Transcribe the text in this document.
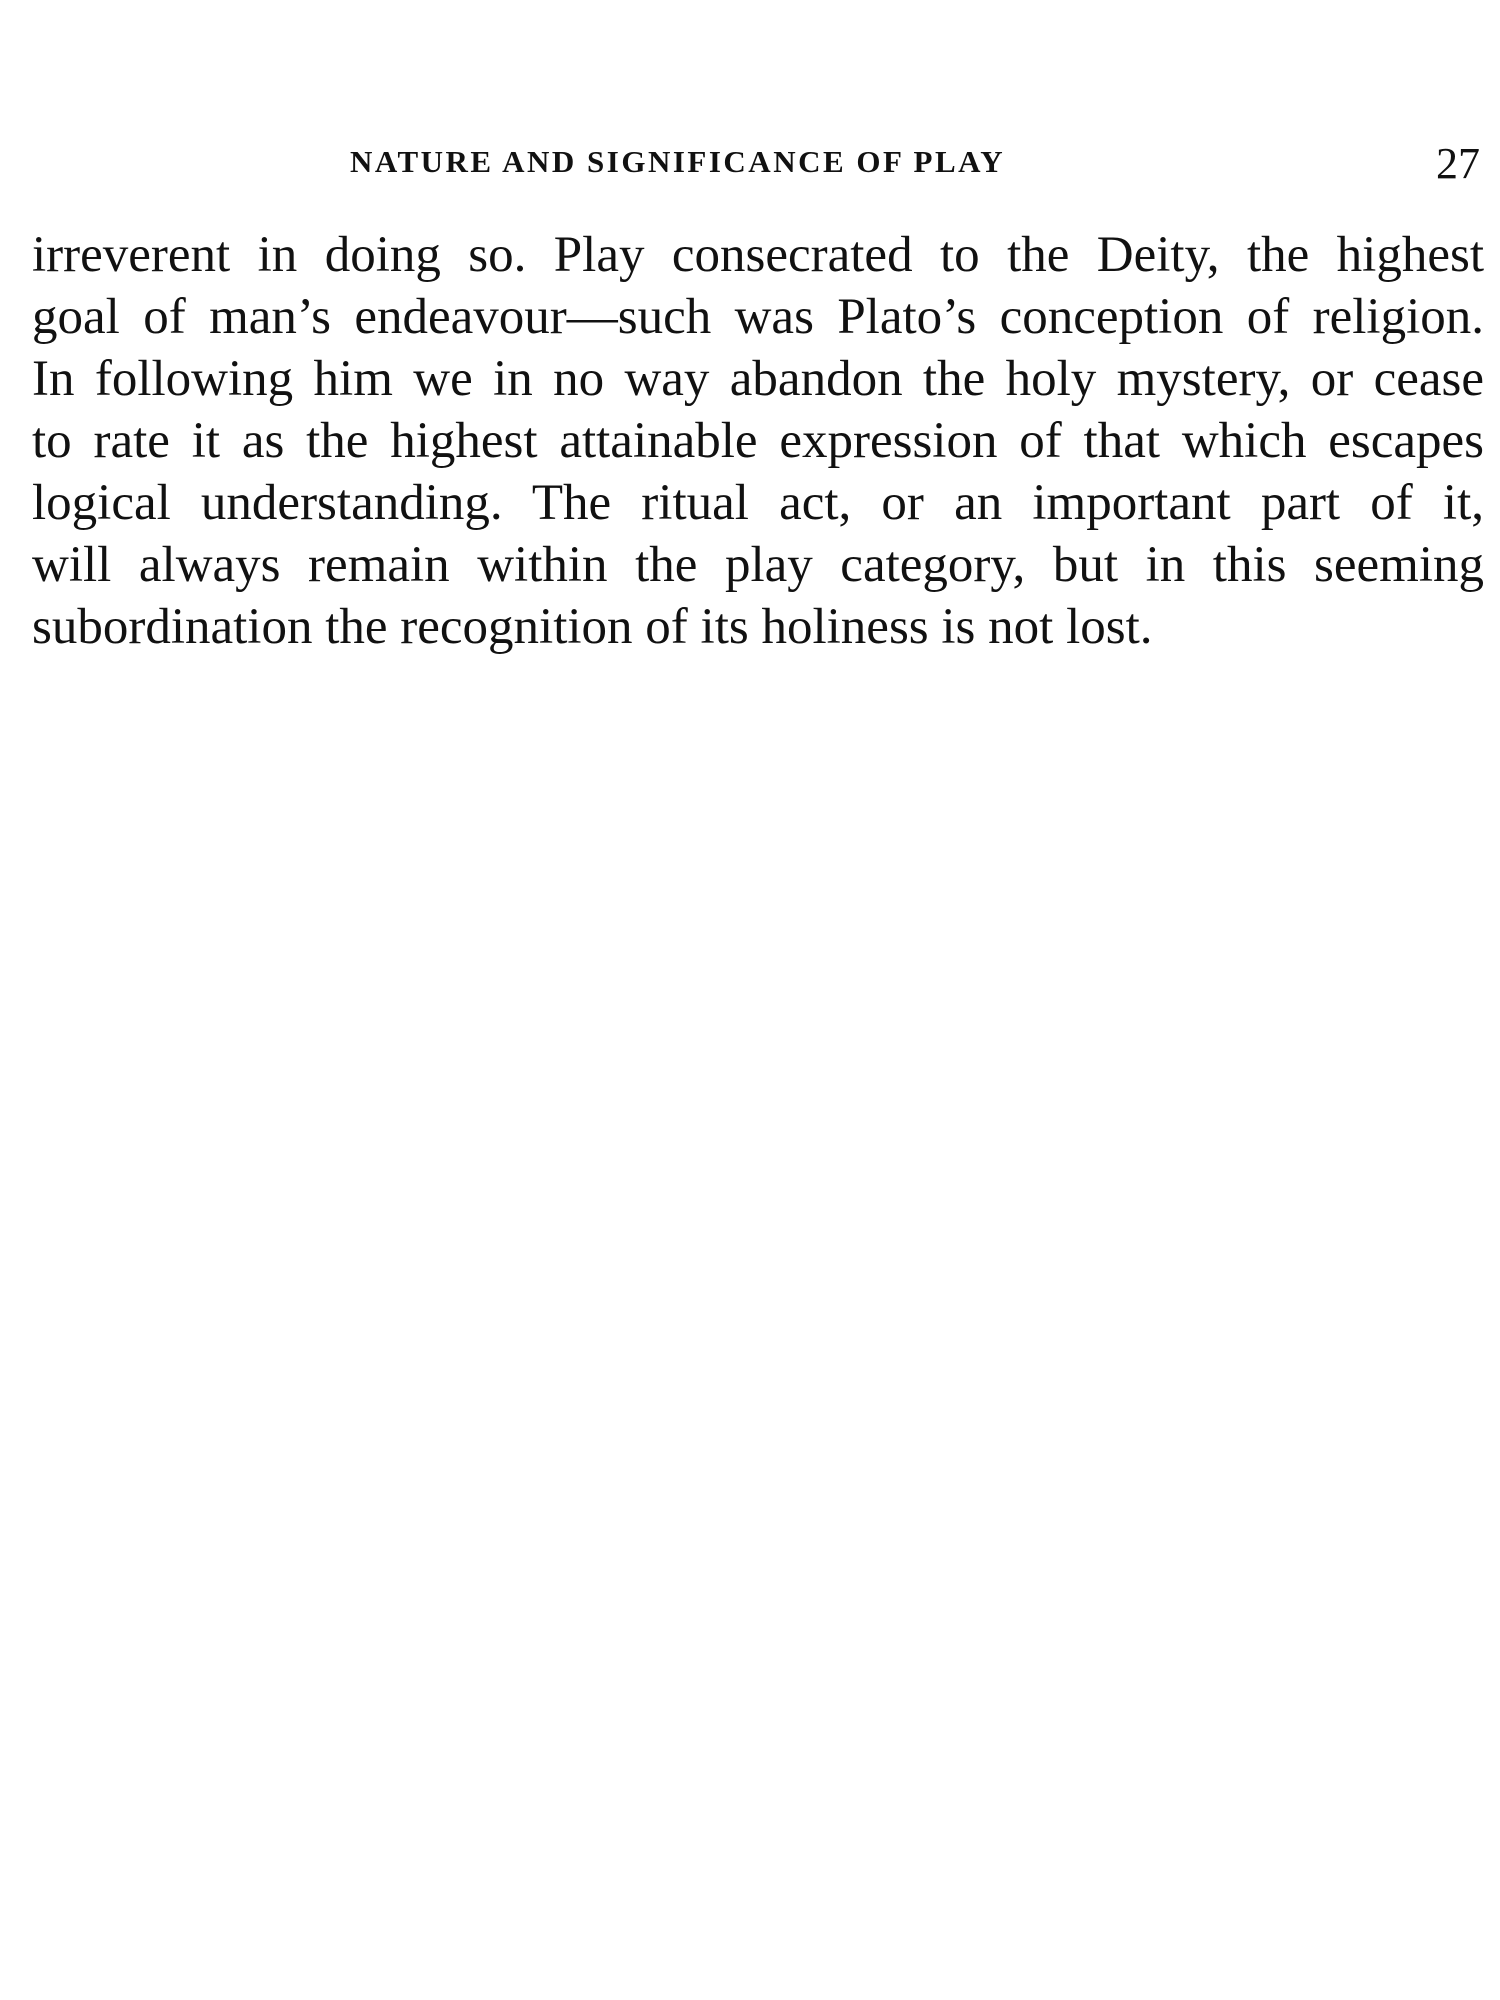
NATURE AND SIGNIFICANCE OF PLAY	27
irreverent in doing so. Play consecrated to the Deity, the highest
goal of man’s endeavour—such was Plato’s conception of religion.
In following him we in no way abandon the holy mystery, or cease
to rate it as the highest attainable expression of that which escapes
logical understanding. The ritual act, or an important part of it,
will always remain within the play category, but in this seeming
subordination the recognition of its holiness is not lost.
